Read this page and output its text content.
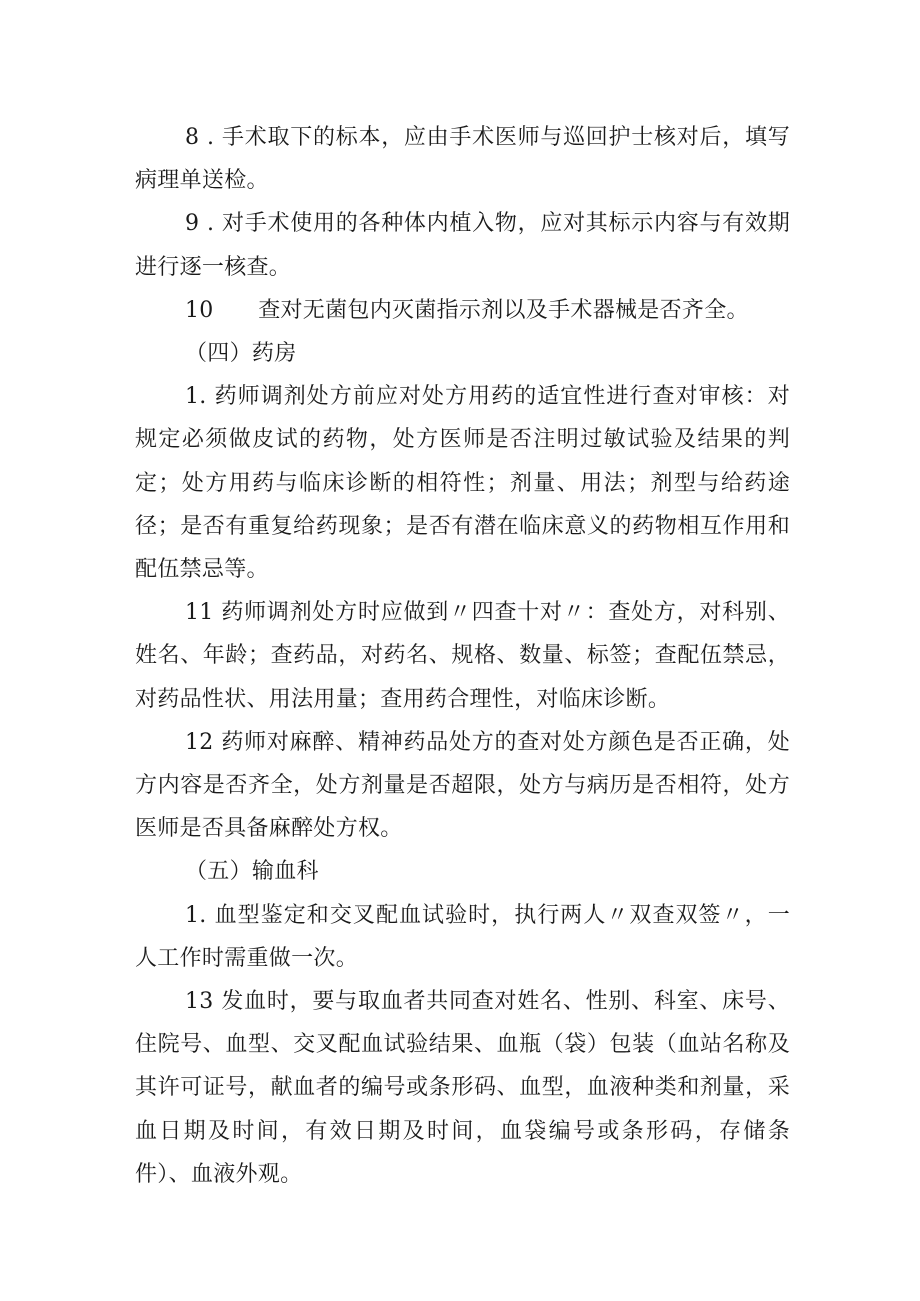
8 . 手术取下的标本，应由手术医师与巡回护士核对后，填写病理单送检。

9 . 对手术使用的各种体内植入物，应对其标示内容与有效期进行逐一核查。

10　　查对无菌包内灭菌指示剂以及手术器械是否齐全。

（四）药房

1. 药师调剂处方前应对处方用药的适宜性进行查对审核：对规定必须做皮试的药物，处方医师是否注明过敏试验及结果的判定；处方用药与临床诊断的相符性；剂量、用法；剂型与给药途径；是否有重复给药现象；是否有潜在临床意义的药物相互作用和配伍禁忌等。

11 药师调剂处方时应做到〃四查十对〃：查处方，对科别、姓名、年龄；查药品，对药名、规格、数量、标签；查配伍禁忌，对药品性状、用法用量；查用药合理性，对临床诊断。

12 药师对麻醉、精神药品处方的查对处方颜色是否正确，处方内容是否齐全，处方剂量是否超限，处方与病历是否相符，处方医师是否具备麻醉处方权。

（五）输血科

1. 血型鉴定和交叉配血试验时，执行两人〃双查双签〃，一人工作时需重做一次。

13 发血时，要与取血者共同查对姓名、性别、科室、床号、住院号、血型、交叉配血试验结果、血瓶（袋）包装（血站名称及其许可证号，献血者的编号或条形码、血型，血液种类和剂量，采血日期及时间，有效日期及时间，血袋编号或条形码，存储条件）、血液外观。
